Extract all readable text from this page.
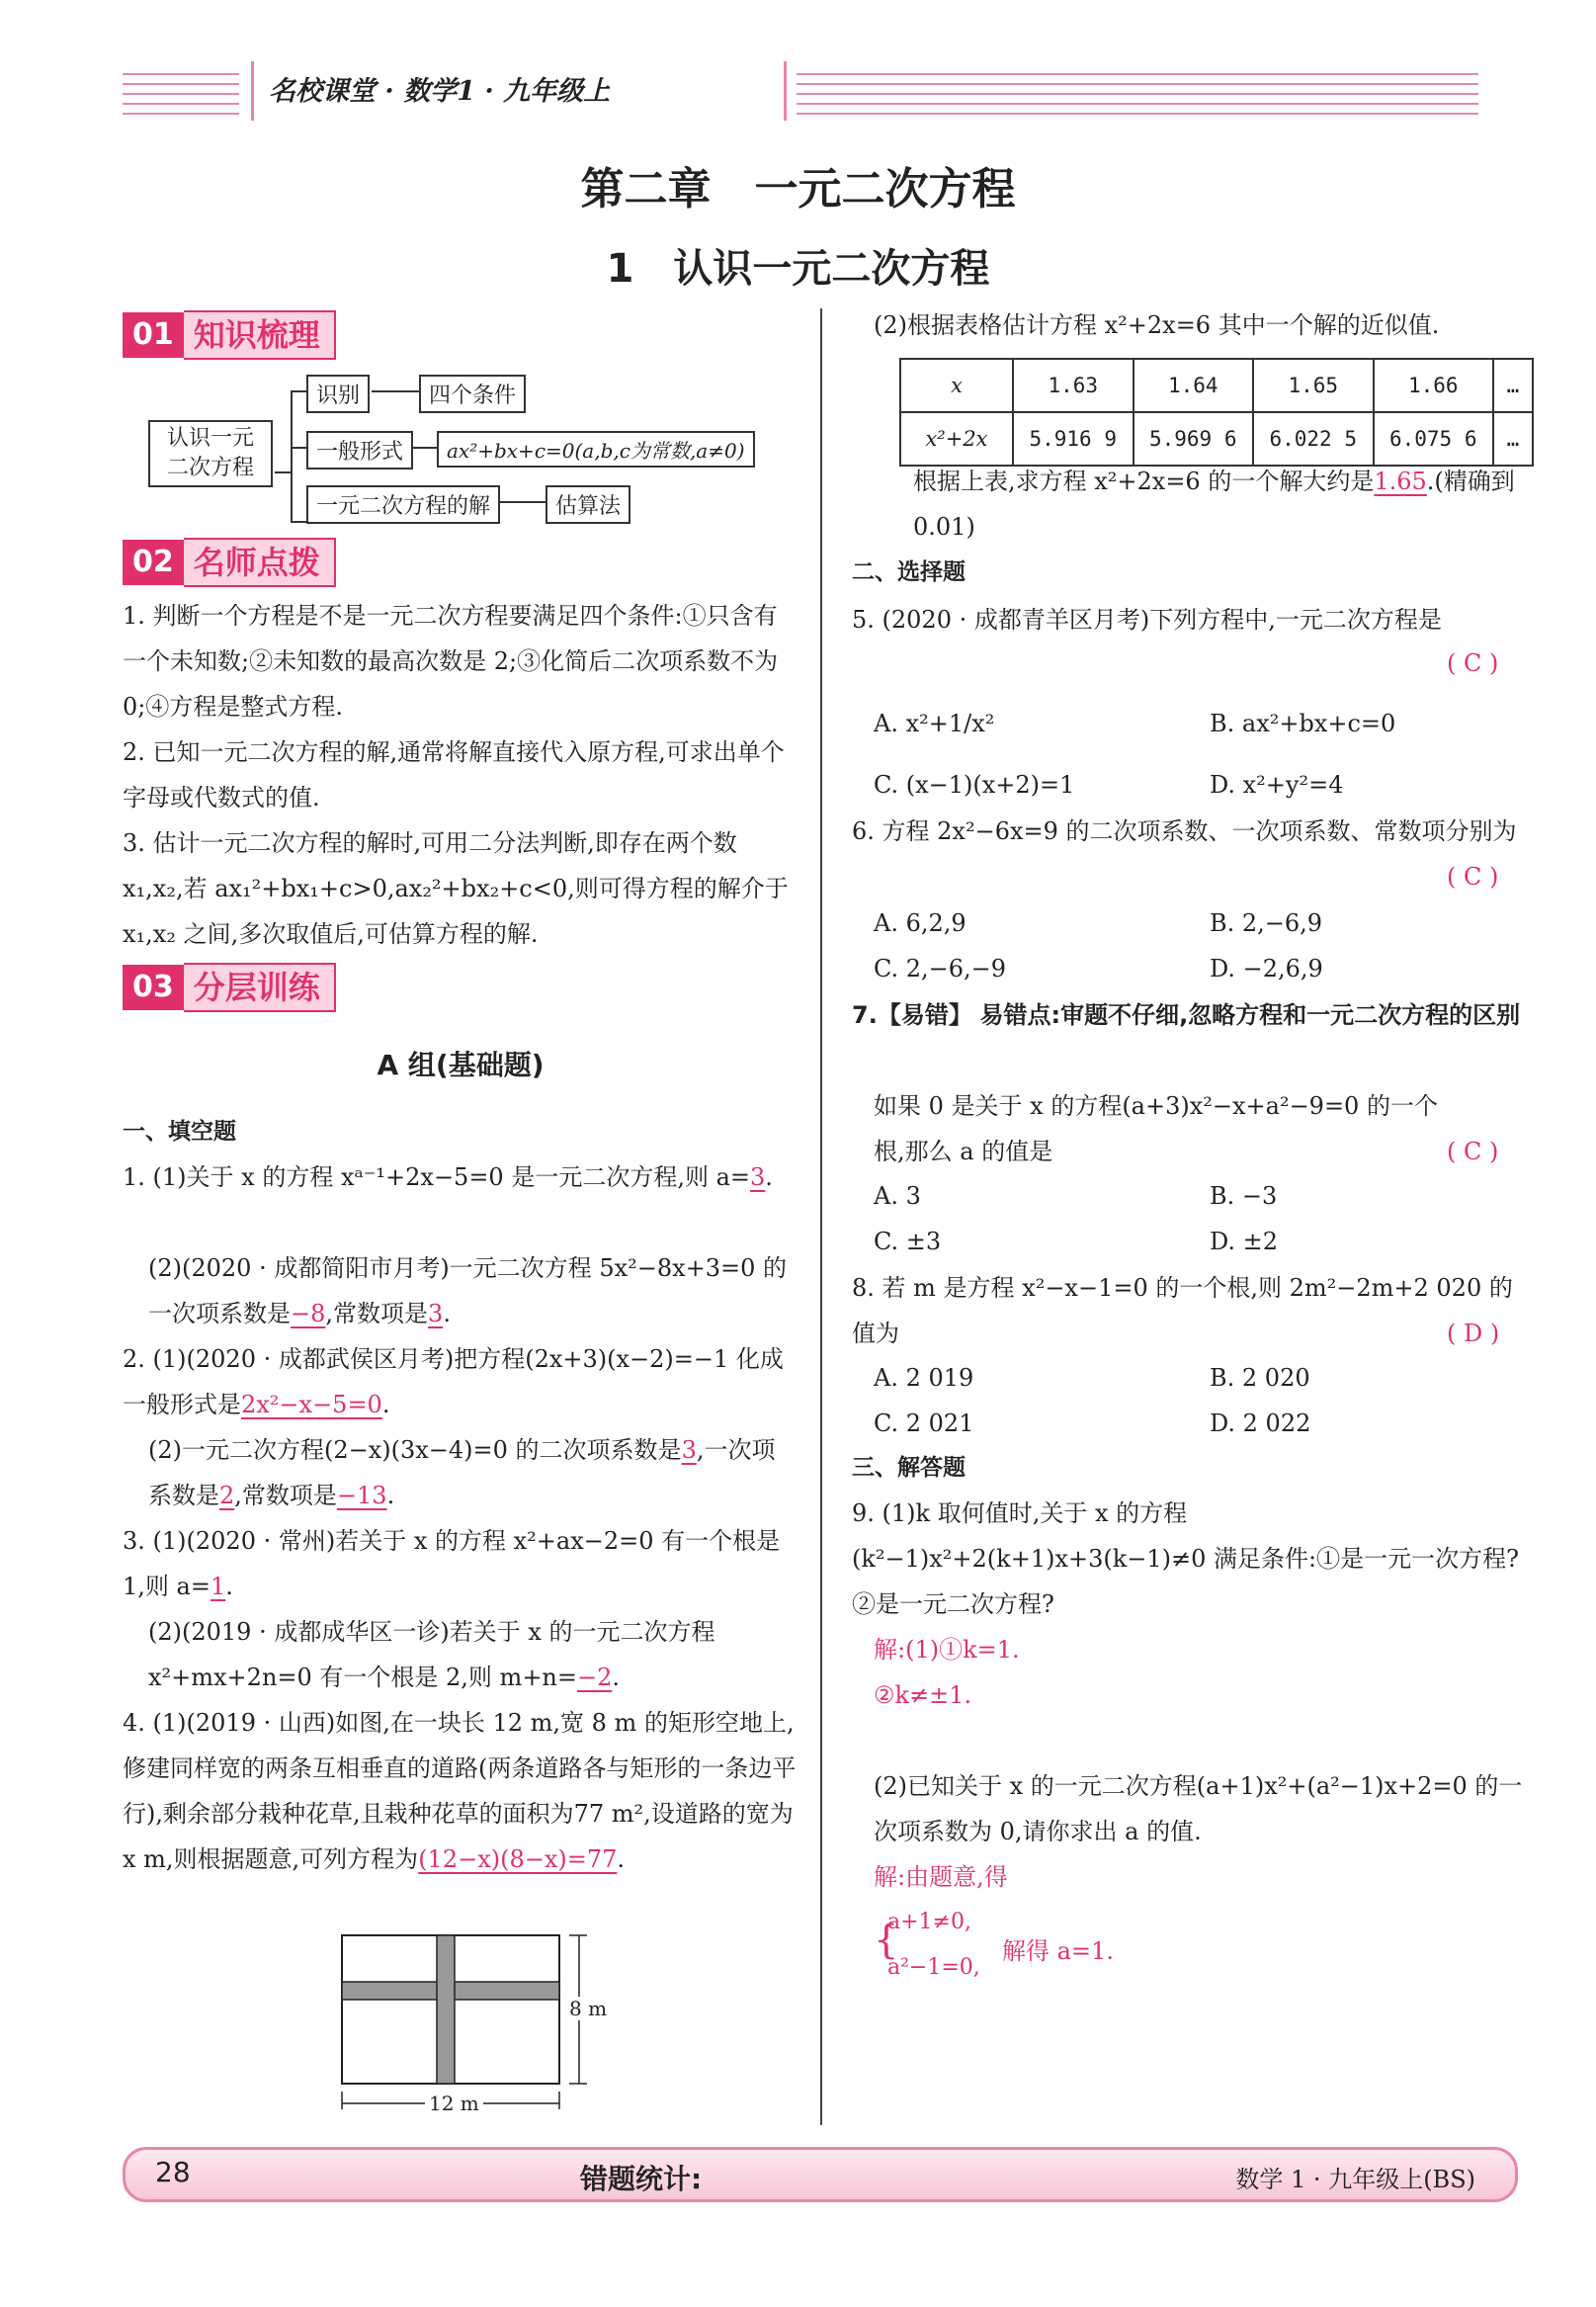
名校课堂 · 数学1 · 九年级上
第二章　一元二次方程
1　认识一元二次方程
01 知识梳理
认识一元
二次方程
识别	四个条件
一般形式	ax²+bx+c=0(a,b,c为常数,a≠0)
一元二次方程的解	估算法
02 名师点拨
1. 判断一个方程是不是一元二次方程要满足四个条件:①只含有一个未知数;②未知数的最高次数是 2;③化简后二次项系数不为 0;④方程是整式方程.
2. 已知一元二次方程的解,通常将解直接代入原方程,可求出单个字母或代数式的值.
3. 估计一元二次方程的解时,可用二分法判断,即存在两个数 x₁,x₂,若 ax₁²+bx₁+c>0,ax₂²+bx₂+c<0,则可得方程的解介于 x₁,x₂ 之间,多次取值后,可估算方程的解.
03 分层训练
A 组(基础题)
一、填空题
1. (1)关于 x 的方程 xᵃ⁻¹+2x−5=0 是一元二次方程,则 a=3.
(2)(2020 · 成都简阳市月考)一元二次方程 5x²−8x+3=0 的一次项系数是−8,常数项是3.
2. (1)(2020 · 成都武侯区月考)把方程(2x+3)(x−2)=−1 化成一般形式是2x²−x−5=0.
(2)一元二次方程(2−x)(3x−4)=0 的二次项系数是3,一次项系数是2,常数项是−13.
3. (1)(2020 · 常州)若关于 x 的方程 x²+ax−2=0 有一个根是 1,则 a=1.
(2)(2019 · 成都成华区一诊)若关于 x 的一元二次方程 x²+mx+2n=0 有一个根是 2,则 m+n=−2.
4. (1)(2019 · 山西)如图,在一块长 12 m,宽 8 m 的矩形空地上,修建同样宽的两条互相垂直的道路(两条道路各与矩形的一条边平行),剩余部分栽种花草,且栽种花草的面积为77 m²,设道路的宽为 x m,则根据题意,可列方程为(12−x)(8−x)=77.
8 m
12 m
(2)根据表格估计方程 x²+2x=6 其中一个解的近似值.
x	1.63	1.64	1.65	1.66	…
x²+2x	5.916 9	5.969 6	6.022 5	6.075 6	…
根据上表,求方程 x²+2x=6 的一个解大约是1.65.(精确到 0.01)
二、选择题
5. (2020 · 成都青羊区月考)下列方程中,一元二次方程是
( C )
A. x²+1/x²	B. ax²+bx+c=0
C. (x−1)(x+2)=1	D. x²+y²=4
6. 方程 2x²−6x=9 的二次项系数、一次项系数、常数项分别为
( C )
A. 6,2,9	B. 2,−6,9
C. 2,−6,−9	D. −2,6,9
7.【易错】 易错点:审题不仔细,忽略方程和一元二次方程的区别
如果 0 是关于 x 的方程(a+3)x²−x+a²−9=0 的一个根,那么 a 的值是	( C )
A. 3	B. −3
C. ±3	D. ±2
8. 若 m 是方程 x²−x−1=0 的一个根,则 2m²−2m+2 020 的值为	( D )
A. 2 019	B. 2 020
C. 2 021	D. 2 022
三、解答题
9. (1)k 取何值时,关于 x 的方程(k²−1)x²+2(k+1)x+3(k−1)≠0 满足条件:①是一元一次方程? ②是一元二次方程?
解:(1)①k=1.
②k≠±1.
(2)已知关于 x 的一元二次方程(a+1)x²+(a²−1)x+2=0 的一次项系数为 0,请你求出 a 的值.
解:由题意,得
{
a+1≠0,
a²−1=0,
解得 a=1.
28	错题统计:	数学 1 · 九年级上(BS)
